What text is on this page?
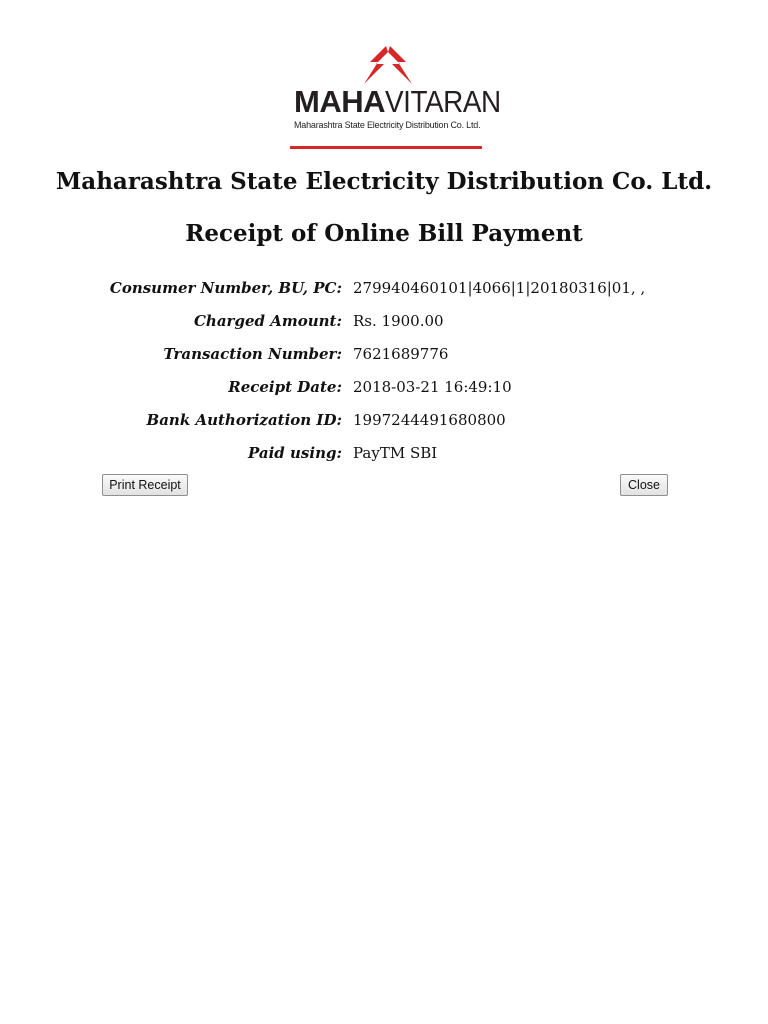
MAHAVITARAN
Maharashtra State Electricity Distribution Co. Ltd.
Maharashtra State Electricity Distribution Co. Ltd.
Receipt of Online Bill Payment
Consumer Number, BU, PC: 279940460101|4066|1|20180316|01, ,
Charged Amount: Rs. 1900.00
Transaction Number: 7621689776
Receipt Date: 2018-03-21 16:49:10
Bank Authorization ID: 1997244491680800
Paid using: PayTM SBI
Print Receipt	Close
